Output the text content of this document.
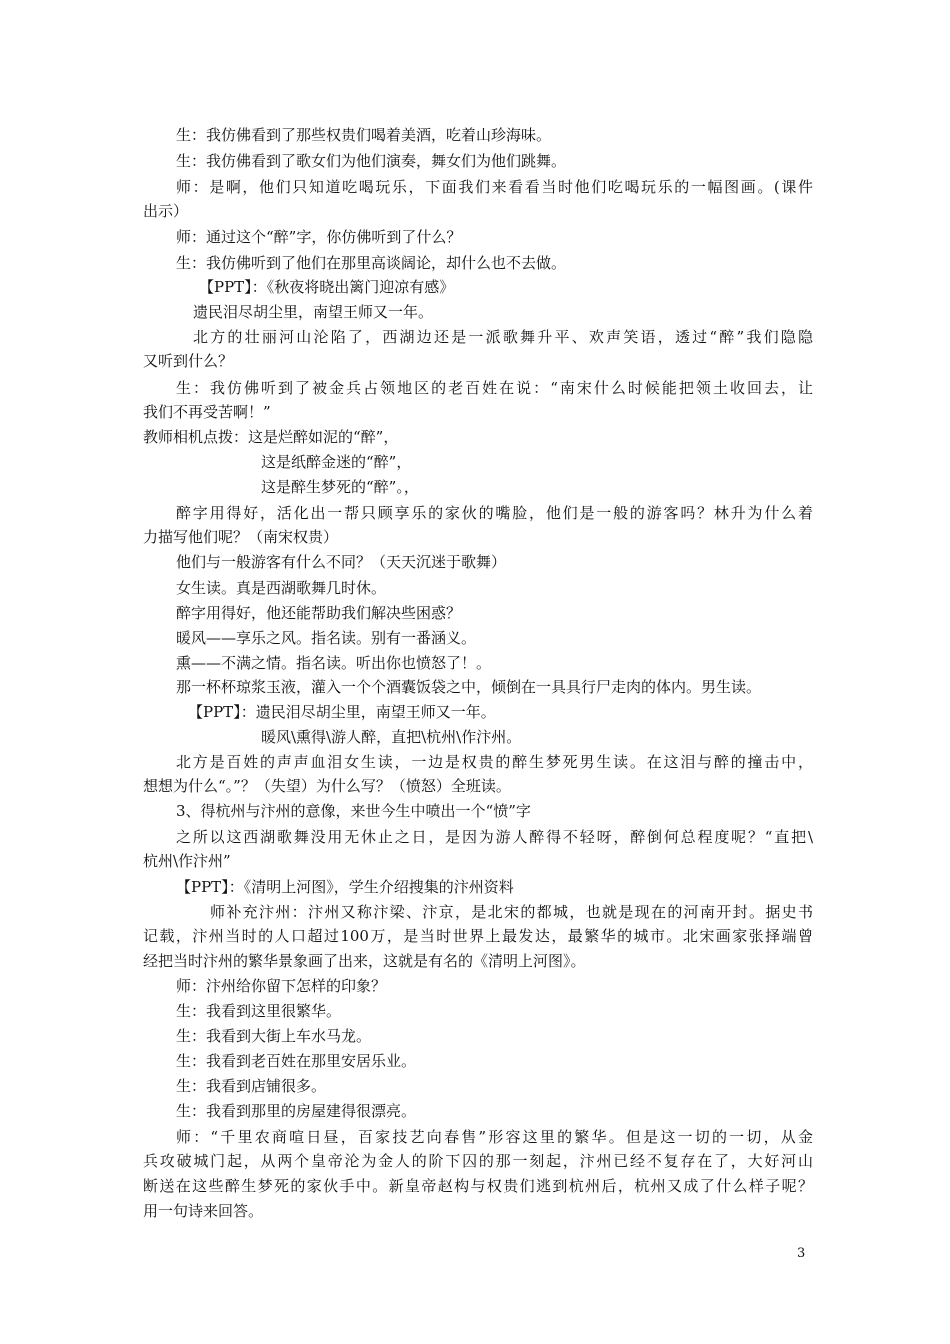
生：我仿佛看到了那些权贵们喝着美酒，吃着山珍海味。
生：我仿佛看到了歌女们为他们演奏，舞女们为他们跳舞。
师：是啊，他们只知道吃喝玩乐，下面我们来看看当时他们吃喝玩乐的一幅图画。(课件
出示）
师：通过这个“醉”字，你仿佛听到了什么？
生：我仿佛听到了他们在那里高谈阔论，却什么也不去做。
【PPT】：《秋夜将晓出篱门迎凉有感》
遗民泪尽胡尘里，南望王师又一年。
北方的壮丽河山沦陷了，西湖边还是一派歌舞升平、欢声笑语，透过“醉”我们隐隐
又听到什么？
生：我仿佛听到了被金兵占领地区的老百姓在说：“南宋什么时候能把领土收回去，让
我们不再受苦啊！”
教师相机点拨：这是烂醉如泥的“醉”，
这是纸醉金迷的“醉”，
这是醉生梦死的“醉”。，
醉字用得好，活化出一帮只顾享乐的家伙的嘴脸，他们是一般的游客吗？林升为什么着
力描写他们呢？（南宋权贵）
他们与一般游客有什么不同？（天天沉迷于歌舞）
女生读。真是西湖歌舞几时休。
醉字用得好，他还能帮助我们解决些困惑？
暖风——享乐之风。指名读。别有一番涵义。
熏——不满之情。指名读。听出你也愤怒了！。
那一杯杯琼浆玉液，灌入一个个酒囊饭袋之中，倾倒在一具具行尸走肉的体内。男生读。
【PPT】：遗民泪尽胡尘里，南望王师又一年。
暖风\熏得\游人醉，直把\杭州\作汴州。
北方是百姓的声声血泪女生读，一边是权贵的醉生梦死男生读。在这泪与醉的撞击中，
想想为什么“。”？（失望）为什么写？（愤怒）全班读。
3、得杭州与汴州的意像，来世今生中喷出一个“愤”字
之所以这西湖歌舞没用无休止之日，是因为游人醉得不轻呀，醉倒何总程度呢？“直把\
杭州\作汴州”
【PPT】：《清明上河图》，学生介绍搜集的汴州资料
师补充汴州：汴州又称汴梁、汴京，是北宋的都城，也就是现在的河南开封。据史书
记载，汴州当时的人口超过100万，是当时世界上最发达，最繁华的城市。北宋画家张择端曾
经把当时汴州的繁华景象画了出来，这就是有名的《清明上河图》。
师：汴州给你留下怎样的印象？
生：我看到这里很繁华。
生：我看到大街上车水马龙。
生：我看到老百姓在那里安居乐业。
生：我看到店铺很多。
生：我看到那里的房屋建得很漂亮。
师：“千里农商喧日昼，百家技艺向春售”形容这里的繁华。但是这一切的一切，从金
兵攻破城门起，从两个皇帝沦为金人的阶下囚的那一刻起，汴州已经不复存在了，大好河山
断送在这些醉生梦死的家伙手中。新皇帝赵构与权贵们逃到杭州后，杭州又成了什么样子呢？
用一句诗来回答。
3
